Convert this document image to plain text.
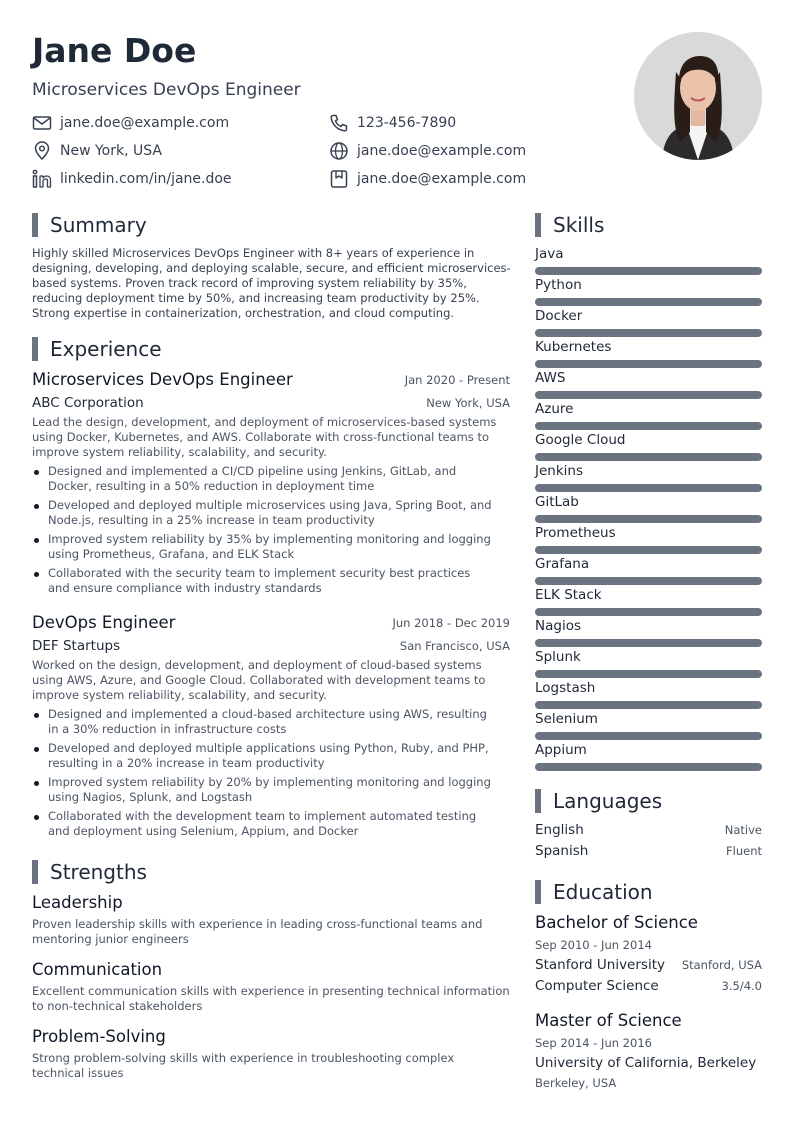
Jane Doe
Microservices DevOps Engineer
jane.doe@example.com	123-456-7890
New York, USA	jane.doe@example.com
linkedin.com/in/jane.doe	jane.doe@example.com
Summary
Highly skilled Microservices DevOps Engineer with 8+ years of experience in designing, developing, and deploying scalable, secure, and efficient microservices-based systems. Proven track record of improving system reliability by 35%, reducing deployment time by 50%, and increasing team productivity by 25%. Strong expertise in containerization, orchestration, and cloud computing.
Experience
Microservices DevOps Engineer	Jan 2020 - Present
ABC Corporation	New York, USA
Lead the design, development, and deployment of microservices-based systems using Docker, Kubernetes, and AWS. Collaborate with cross-functional teams to improve system reliability, scalability, and security.
Designed and implemented a CI/CD pipeline using Jenkins, GitLab, and Docker, resulting in a 50% reduction in deployment time
Developed and deployed multiple microservices using Java, Spring Boot, and Node.js, resulting in a 25% increase in team productivity
Improved system reliability by 35% by implementing monitoring and logging using Prometheus, Grafana, and ELK Stack
Collaborated with the security team to implement security best practices and ensure compliance with industry standards
DevOps Engineer	Jun 2018 - Dec 2019
DEF Startups	San Francisco, USA
Worked on the design, development, and deployment of cloud-based systems using AWS, Azure, and Google Cloud. Collaborated with development teams to improve system reliability, scalability, and security.
Designed and implemented a cloud-based architecture using AWS, resulting in a 30% reduction in infrastructure costs
Developed and deployed multiple applications using Python, Ruby, and PHP, resulting in a 20% increase in team productivity
Improved system reliability by 20% by implementing monitoring and logging using Nagios, Splunk, and Logstash
Collaborated with the development team to implement automated testing and deployment using Selenium, Appium, and Docker
Strengths
Leadership
Proven leadership skills with experience in leading cross-functional teams and mentoring junior engineers
Communication
Excellent communication skills with experience in presenting technical information to non-technical stakeholders
Problem-Solving
Strong problem-solving skills with experience in troubleshooting complex technical issues
Skills
Java
Python
Docker
Kubernetes
AWS
Azure
Google Cloud
Jenkins
GitLab
Prometheus
Grafana
ELK Stack
Nagios
Splunk
Logstash
Selenium
Appium
Languages
English	Native
Spanish	Fluent
Education
Bachelor of Science
Sep 2010 - Jun 2014
Stanford University Stanford, USA
Computer Science	3.5/4.0
Master of Science
Sep 2014 - Jun 2016
University of California, Berkeley
Berkeley, USA
